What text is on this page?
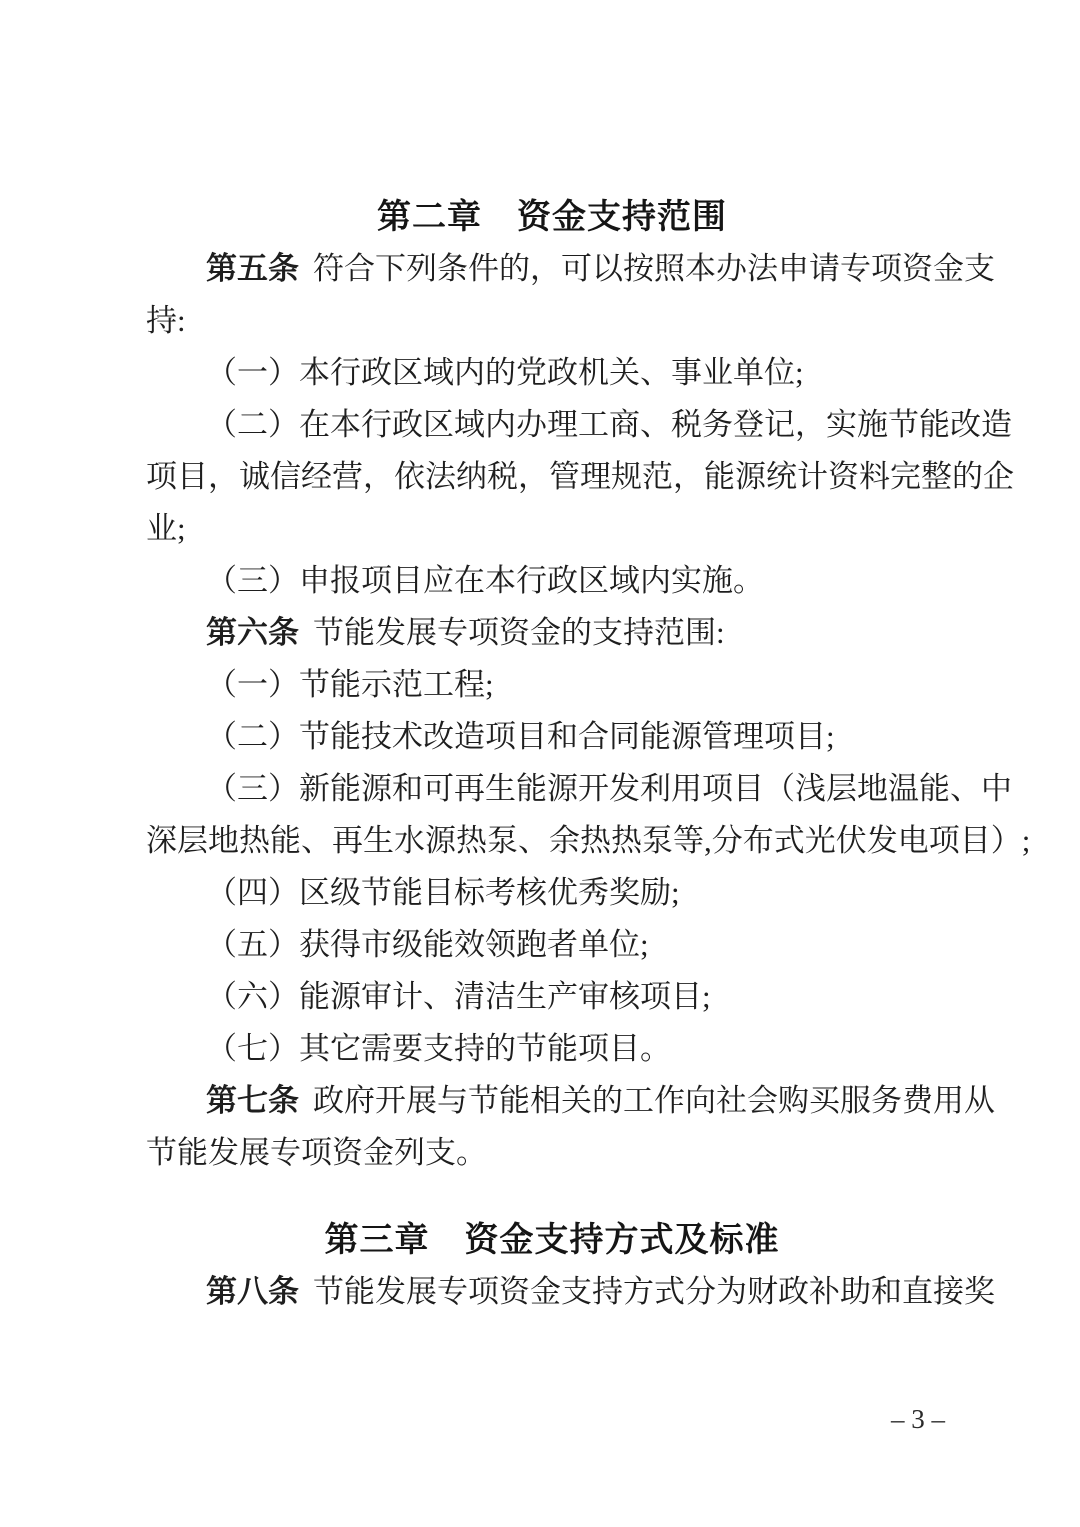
第二章　资金支持范围
第五条 符合下列条件的，可以按照本办法申请专项资金支
持:
（一）本行政区域内的党政机关、事业单位;
（二）在本行政区域内办理工商、税务登记，实施节能改造
项目，诚信经营，依法纳税，管理规范，能源统计资料完整的企
业;
（三）申报项目应在本行政区域内实施。
第六条 节能发展专项资金的支持范围:
（一）节能示范工程;
（二）节能技术改造项目和合同能源管理项目;
（三）新能源和可再生能源开发利用项目（浅层地温能、中
深层地热能、再生水源热泵、余热热泵等,分布式光伏发电项目）;
（四）区级节能目标考核优秀奖励;
（五）获得市级能效领跑者单位;
（六）能源审计、清洁生产审核项目;
（七）其它需要支持的节能项目。
第七条 政府开展与节能相关的工作向社会购买服务费用从
节能发展专项资金列支。
第三章　资金支持方式及标准
第八条 节能发展专项资金支持方式分为财政补助和直接奖
– 3 –
